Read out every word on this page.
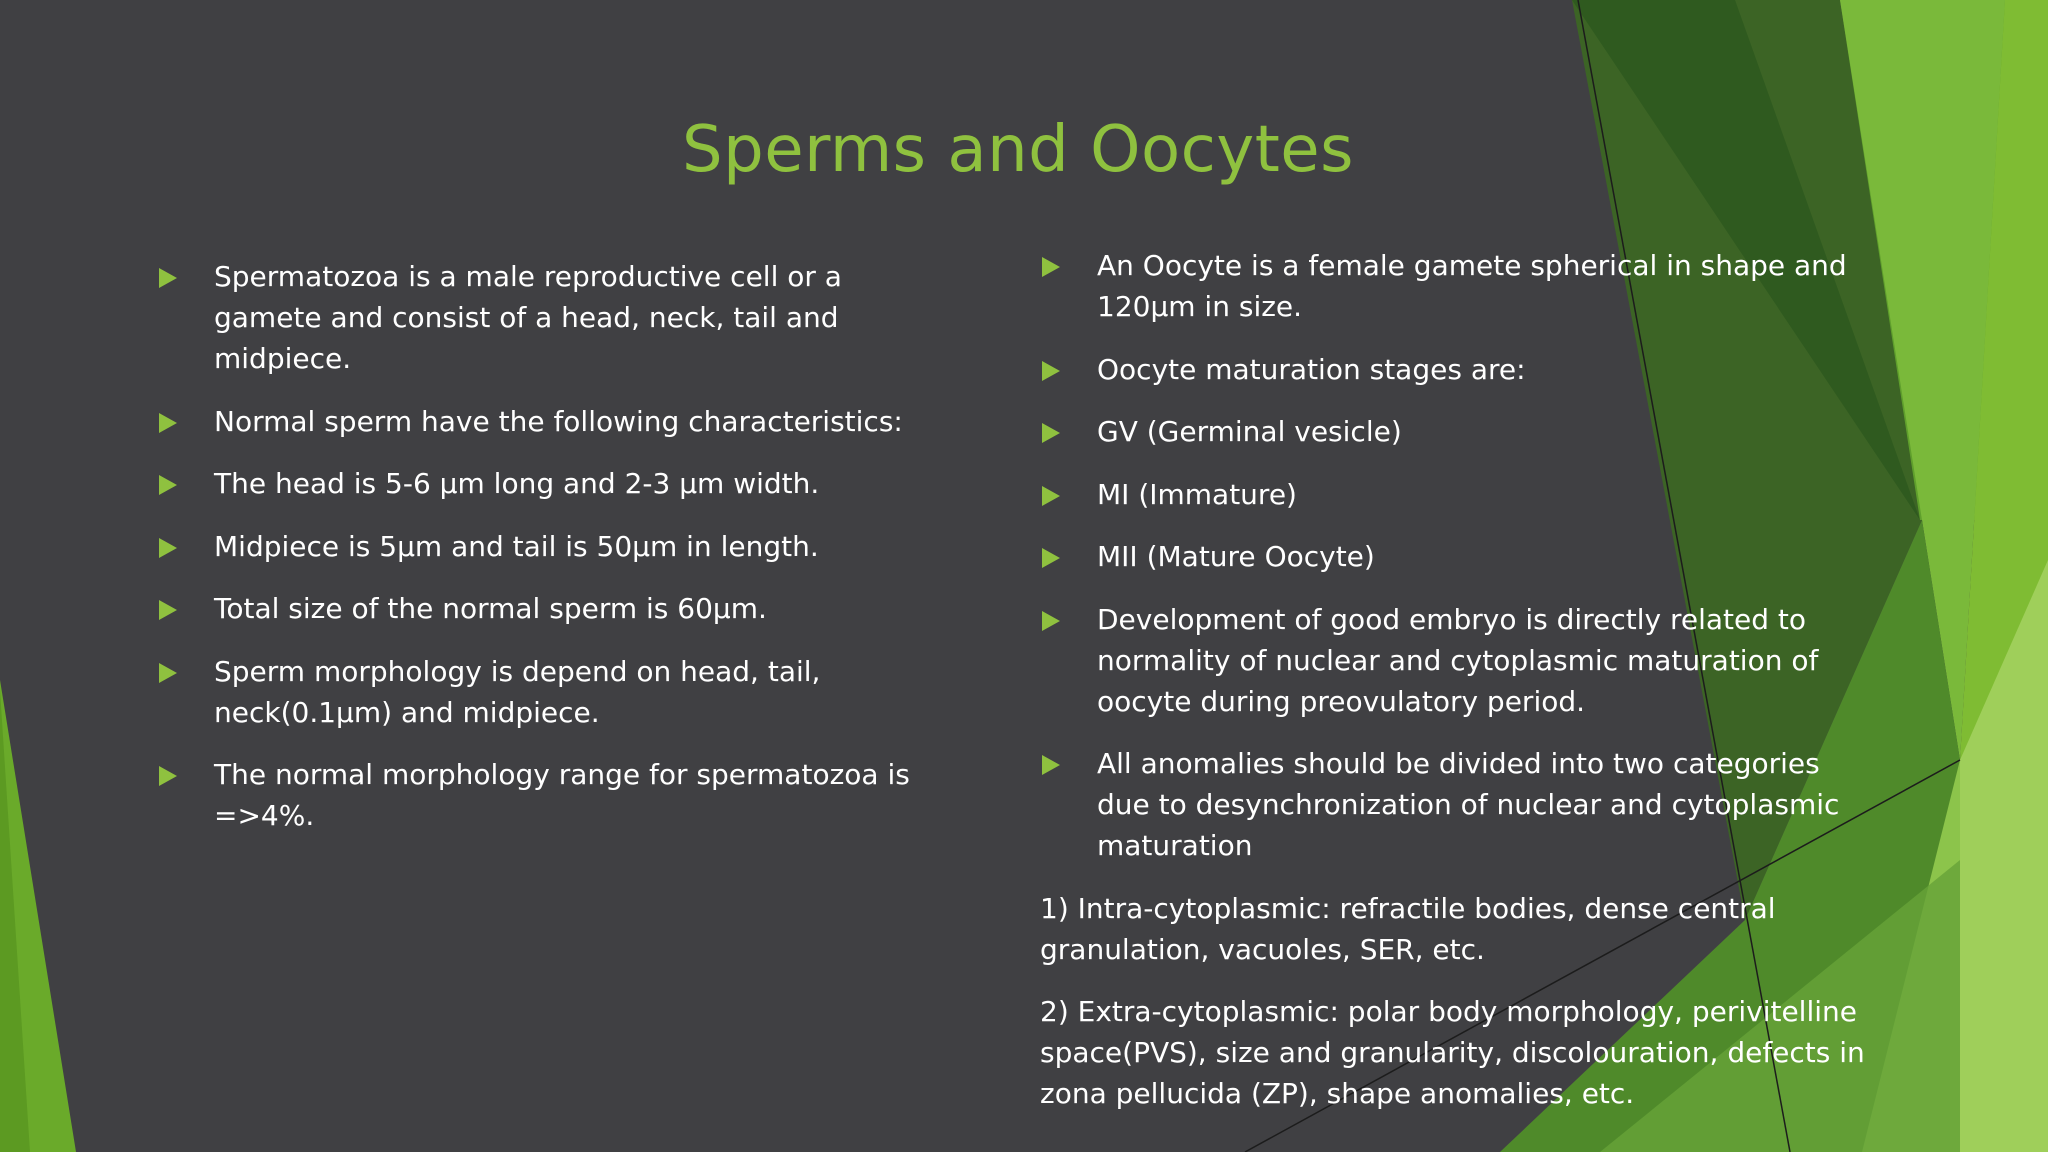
Sperms and Oocytes
Spermatozoa is a male reproductive cell or a gamete and consist of a head, neck, tail and midpiece.
Normal sperm have the following characteristics:
The head is 5-6 µm long and 2-3 µm width.
Midpiece is 5µm and tail is 50µm in length.
Total size of the normal sperm is 60µm.
Sperm morphology is depend on head, tail, neck(0.1µm) and midpiece.
The normal morphology range for spermatozoa is =>4%.
An Oocyte is a female gamete spherical in shape and 120µm in size.
Oocyte maturation stages are:
GV (Germinal vesicle)
MI (Immature)
MII (Mature Oocyte)
Development of good embryo is directly related to normality of nuclear and cytoplasmic maturation of oocyte during preovulatory period.
All anomalies should be divided into two categories due to desynchronization of nuclear and cytoplasmic maturation
1) Intra-cytoplasmic: refractile bodies, dense central granulation, vacuoles, SER, etc.
2) Extra-cytoplasmic: polar body morphology, perivitelline space(PVS), size and granularity, discolouration, defects in zona pellucida (ZP), shape anomalies, etc.
